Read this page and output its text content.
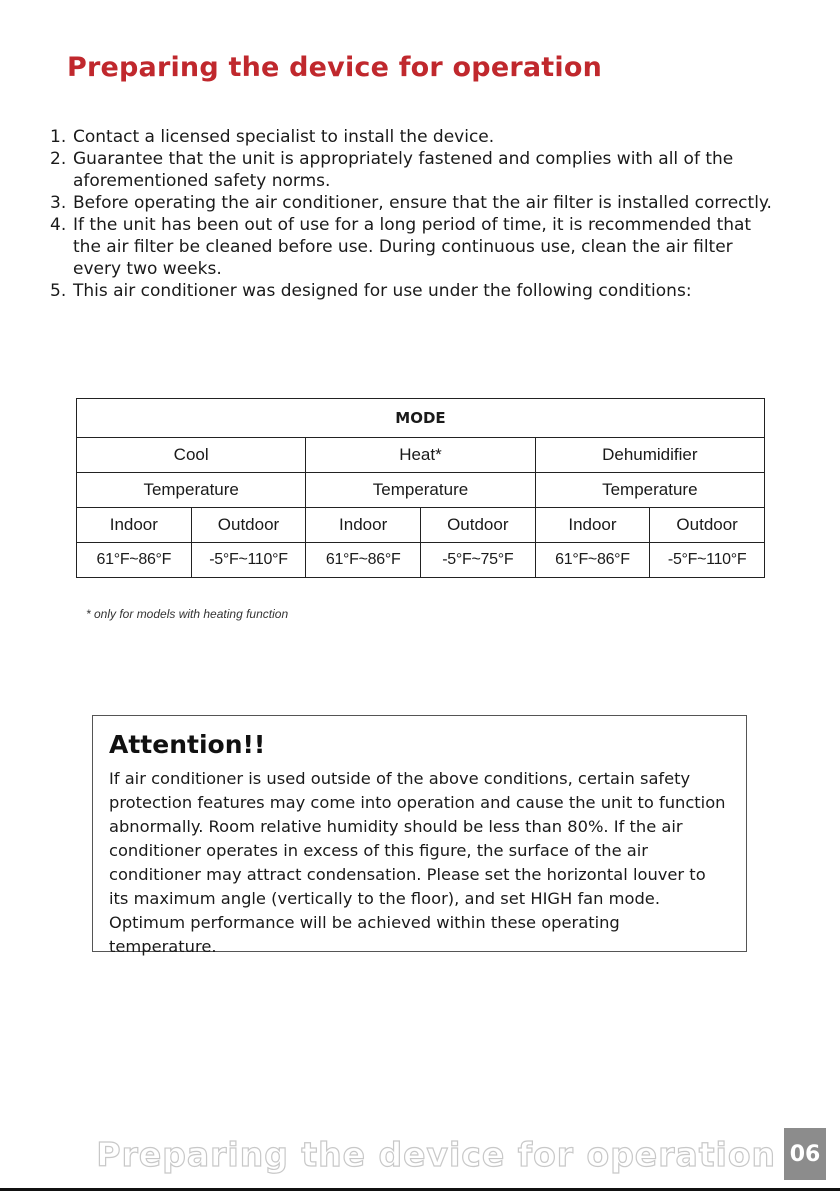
Preparing the device for operation
1. Contact a licensed specialist to install the device.
2. Guarantee that the unit is appropriately fastened and complies with all of the aforementioned safety norms.
3. Before operating the air conditioner, ensure that the air filter is installed correctly.
4. If the unit has been out of use for a long period of time, it is recommended that the air filter be cleaned before use. During continuous use, clean the air filter every two weeks.
5. This air conditioner was designed for use under the following conditions:
MODE					
Cool		Heat*		Dehumidifier	
Temperature		Temperature		Temperature	
Indoor	Outdoor	Indoor	Outdoor	Indoor	Outdoor
61°F~86°F	-5°F~110°F	61°F~86°F	-5°F~75°F	61°F~86°F	-5°F~110°F
* only for models with heating function
Attention!!

If air conditioner is used outside of the above conditions, certain safety protection features may come into operation and cause the unit to function abnormally. Room relative humidity should be less than 80%. If the air conditioner operates in excess of this figure, the surface of the air conditioner may attract condensation. Please set the horizontal louver to its maximum angle (vertically to the floor), and set HIGH fan mode. Optimum performance will be achieved within these operating temperature.

Preparing the device for operation 06
